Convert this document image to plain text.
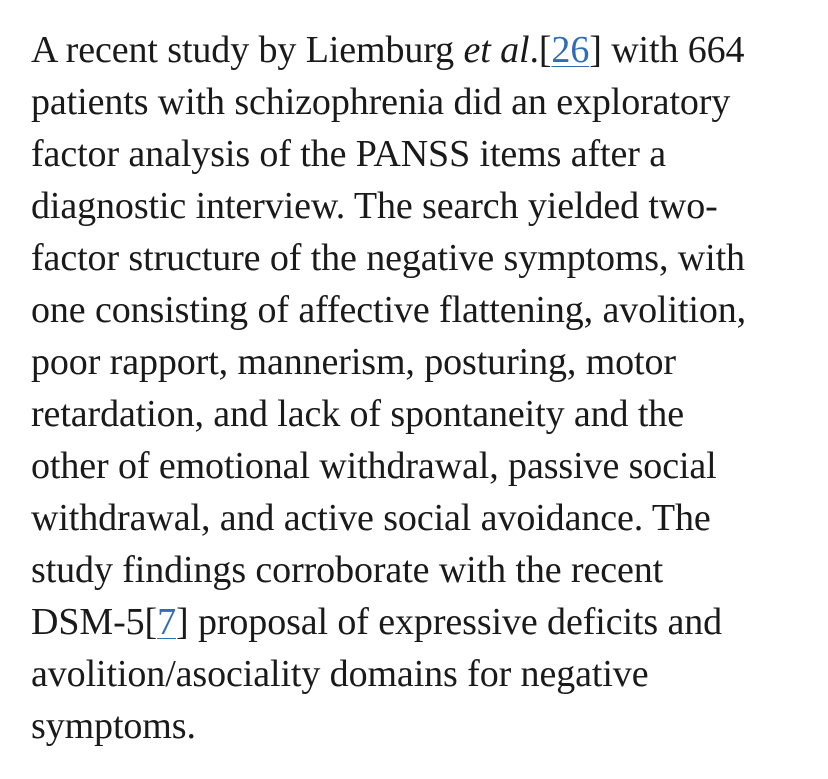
A recent study by Liemburg et al.[26] with 664
patients with schizophrenia did an exploratory
factor analysis of the PANSS items after a
diagnostic interview. The search yielded two-
factor structure of the negative symptoms, with
one consisting of affective flattening, avolition,
poor rapport, mannerism, posturing, motor
retardation, and lack of spontaneity and the
other of emotional withdrawal, passive social
withdrawal, and active social avoidance. The
study findings corroborate with the recent
DSM-5[7] proposal of expressive deficits and
avolition/asociality domains for negative
symptoms.
